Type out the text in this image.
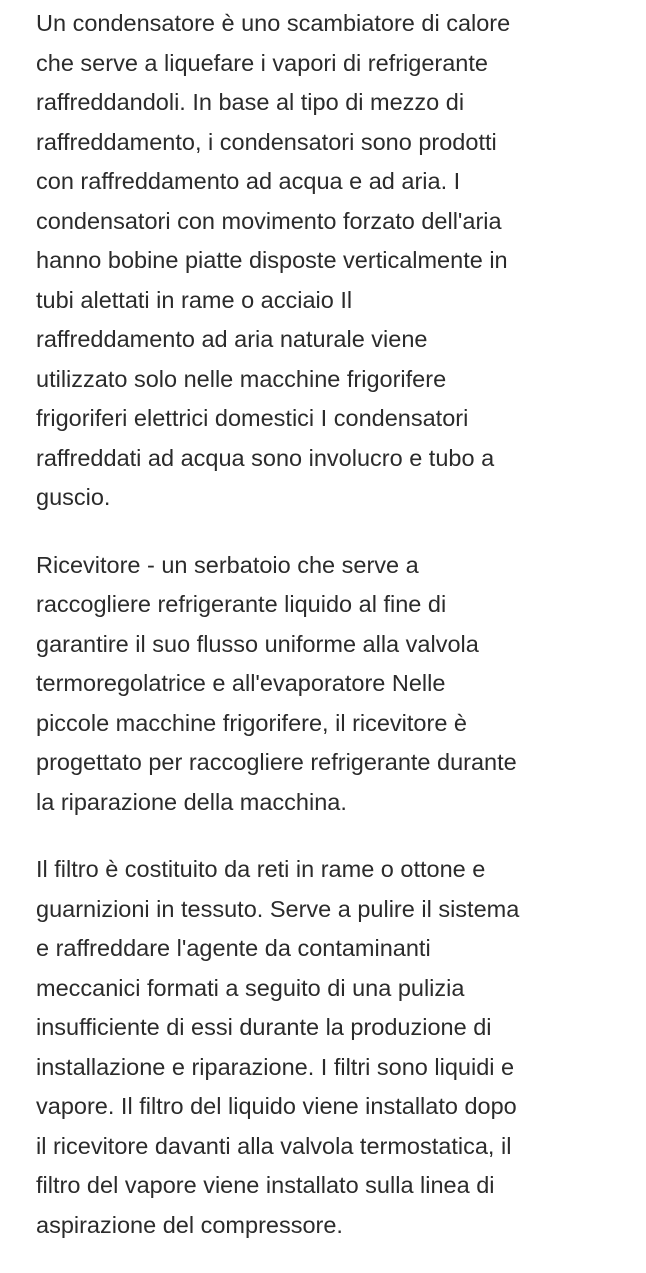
Un condensatore è uno scambiatore di calore
che serve a liquefare i vapori di refrigerante
raffreddandoli. In base al tipo di mezzo di
raffreddamento, i condensatori sono prodotti
con raffreddamento ad acqua e ad aria. I
condensatori con movimento forzato dell'aria
hanno bobine piatte disposte verticalmente in
tubi alettati in rame o acciaio Il
raffreddamento ad aria naturale viene
utilizzato solo nelle macchine frigorifere
frigoriferi elettrici domestici I condensatori
raffreddati ad acqua sono involucro e tubo a
guscio.

Ricevitore - un serbatoio che serve a
raccogliere refrigerante liquido al fine di
garantire il suo flusso uniforme alla valvola
termoregolatrice e all'evaporatore Nelle
piccole macchine frigorifere, il ricevitore è
progettato per raccogliere refrigerante durante
la riparazione della macchina.

Il filtro è costituito da reti in rame o ottone e
guarnizioni in tessuto. Serve a pulire il sistema
e raffreddare l'agente da contaminanti
meccanici formati a seguito di una pulizia
insufficiente di essi durante la produzione di
installazione e riparazione. I filtri sono liquidi e
vapore. Il filtro del liquido viene installato dopo
il ricevitore davanti alla valvola termostatica, il
filtro del vapore viene installato sulla linea di
aspirazione del compressore.
